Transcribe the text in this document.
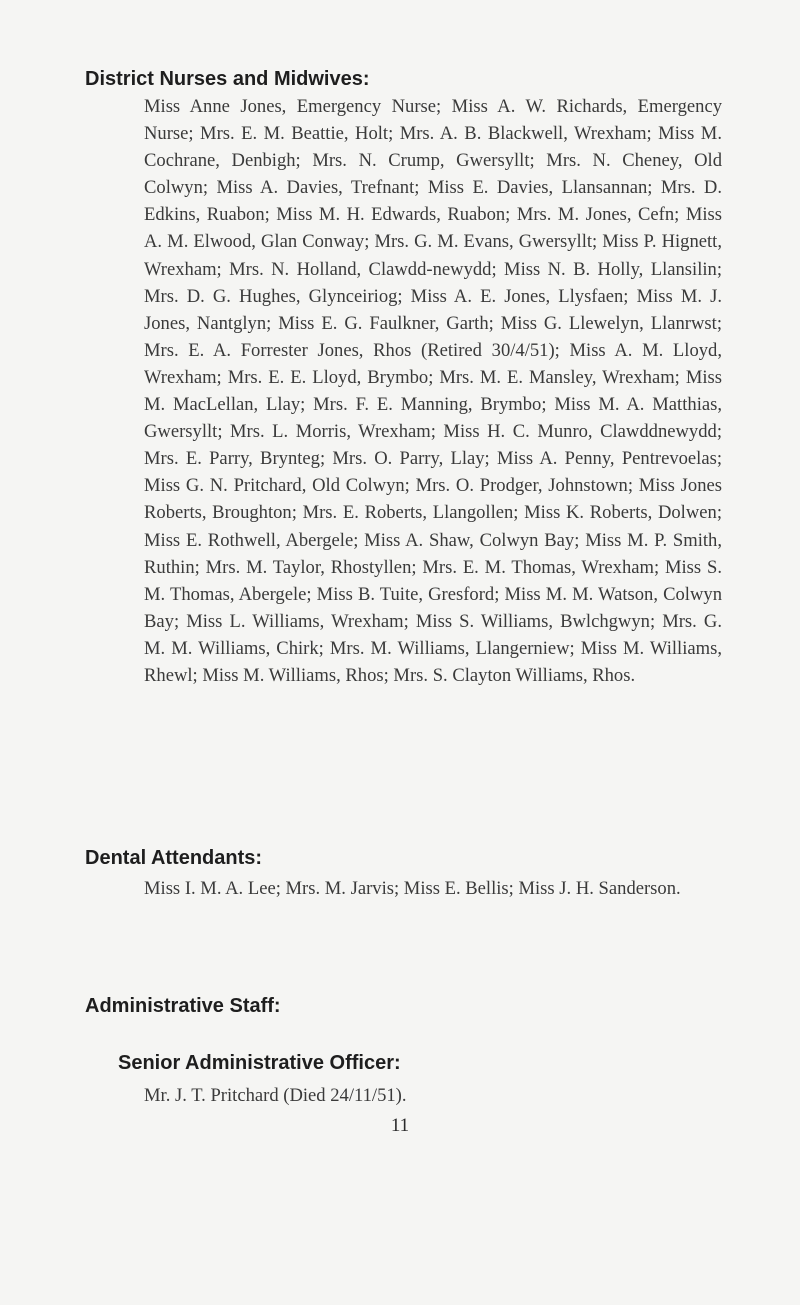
District Nurses and Midwives:

Miss Anne Jones, Emergency Nurse; Miss A. W. Richards, Emergency Nurse; Mrs. E. M. Beattie, Holt; Mrs. A. B. Blackwell, Wrexham; Miss M. Cochrane, Denbigh; Mrs. N. Crump, Gwersyllt; Mrs. N. Cheney, Old Colwyn; Miss A. Davies, Trefnant; Miss E. Davies, Llansannan; Mrs. D. Edkins, Ruabon; Miss M. H. Edwards, Ruabon; Mrs. M. Jones, Cefn; Miss A. M. Elwood, Glan Conway; Mrs. G. M. Evans, Gwersyllt; Miss P. Hignett, Wrexham; Mrs. N. Holland, Clawdd-newydd; Miss N. B. Holly, Llansilin; Mrs. D. G. Hughes, Glynceiriog; Miss A. E. Jones, Llysfaen; Miss M. J. Jones, Nantglyn; Miss E. G. Faulkner, Garth; Miss G. Llewelyn, Llanrwst; Mrs. E. A. Forrester Jones, Rhos (Retired 30/4/51); Miss A. M. Lloyd, Wrexham; Mrs. E. E. Lloyd, Brymbo; Mrs. M. E. Mansley, Wrexham; Miss M. MacLellan, Llay; Mrs. F. E. Manning, Brymbo; Miss M. A. Matthias, Gwersyllt; Mrs. L. Morris, Wrexham; Miss H. C. Munro, Clawddnewydd; Mrs. E. Parry, Brynteg; Mrs. O. Parry, Llay; Miss A. Penny, Pentrevoelas; Miss G. N. Pritchard, Old Colwyn; Mrs. O. Prodger, Johnstown; Miss Jones Roberts, Broughton; Mrs. E. Roberts, Llangollen; Miss K. Roberts, Dolwen; Miss E. Rothwell, Abergele; Miss A. Shaw, Colwyn Bay; Miss M. P. Smith, Ruthin; Mrs. M. Taylor, Rhostyllen; Mrs. E. M. Thomas, Wrexham; Miss S. M. Thomas, Abergele; Miss B. Tuite, Gresford; Miss M. M. Watson, Colwyn Bay; Miss L. Williams, Wrexham; Miss S. Williams, Bwlchgwyn; Mrs. G. M. M. Williams, Chirk; Mrs. M. Williams, Llangerniew; Miss M. Williams, Rhewl; Miss M. Williams, Rhos; Mrs. S. Clayton Williams, Rhos.

Dental Attendants:

Miss I. M. A. Lee; Mrs. M. Jarvis; Miss E. Bellis; Miss J. H. Sanderson.

Administrative Staff:
Senior Administrative Officer:

Mr. J. T. Pritchard (Died 24/11/51).

11
